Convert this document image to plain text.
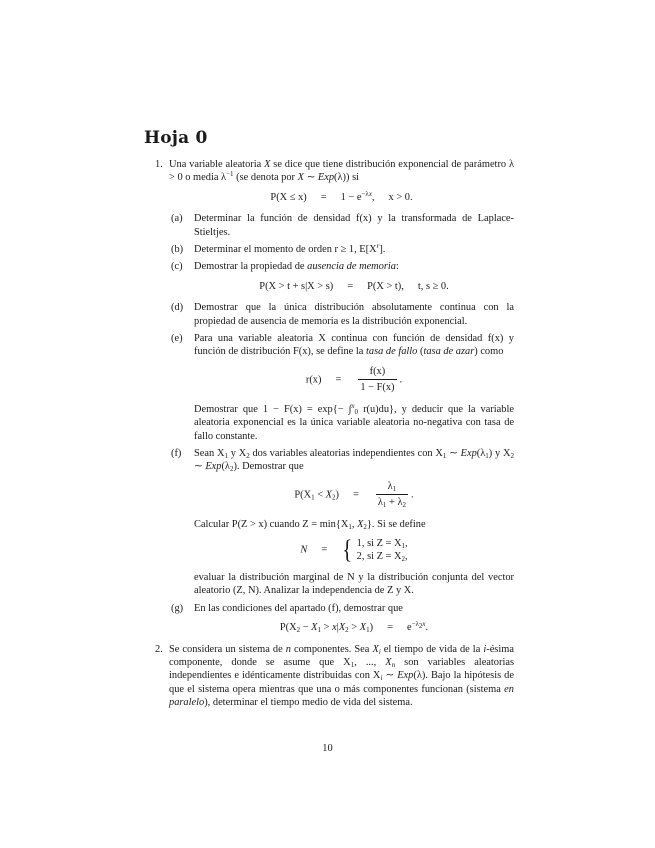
Hoja 0
1. Una variable aleatoria X se dice que tiene distribución exponencial de parámetro λ > 0 o media $\lambda^{-1}$ (se denota por X ∼ Exp(λ)) si
$P(X \le x) = 1 - e^{-\lambda x}$, x > 0.
(a) Determinar la función de densidad f(x) y la transformada de Laplace-Stieltjes.
(b) Determinar el momento de orden r ≥ 1, $E[X^r]$.
(c) Demostrar la propiedad de ausencia de memoria:
P(X > t + s|X > s) = P(X > t), t, s ≥ 0.
(d) Demostrar que la única distribución absolutamente continua con la propiedad de ausencia de memoria es la distribución exponencial.
(e) Para una variable aleatoria X continua con función de densidad f(x) y función de distribución F(x), se define la tasa de fallo (tasa de azar) como
$r(x) = \frac{f(x)}{1 - F(x)}$ .
Demostrar que 1 − F(x) = exp{− ∫$^x_0$ r(u)du}, y deducir que la variable aleatoria exponencial es la única variable aleatoria no-negativa con tasa de fallo constante.
(f) Sean $X_1$ y $X_2$ dos variables aleatorias independientes con $X_1$ ∼ $Exp(\lambda_1)$ y $X_2$ ∼ $Exp(\lambda_2)$. Demostrar que
$P(X_1 < X_2) = \frac{\lambda_1}{\lambda_1 + \lambda_2}$ .
Calcular P(Z > x) cuando $Z = \min\{X_1$, $X_2$}. Si se define
N = { 1, si $Z = X_1$,
2, si $Z = X_2$,
evaluar la distribución marginal de N y la distribución conjunta del vector aleatorio (Z, N). Analizar la independencia de Z y X.
(g) En las condiciones del apartado (f), demostrar que
$P(X_2 - X_1 > x|X_2 > X_1) = e^{-\lambda_2x}$.
2. Se considera un sistema de n componentes. Sea $X_i$ el tiempo de vida de la i-ésima componente, donde se asume que $X_1$, ..., $X_n$ son variables aleatorias independientes e idénticamente distribuidas con $X_i$ ∼ Exp(λ). Bajo la hipótesis de que el sistema opera mientras que una o más componentes funcionan (sistema en paralelo), determinar el tiempo medio de vida del sistema.
10
